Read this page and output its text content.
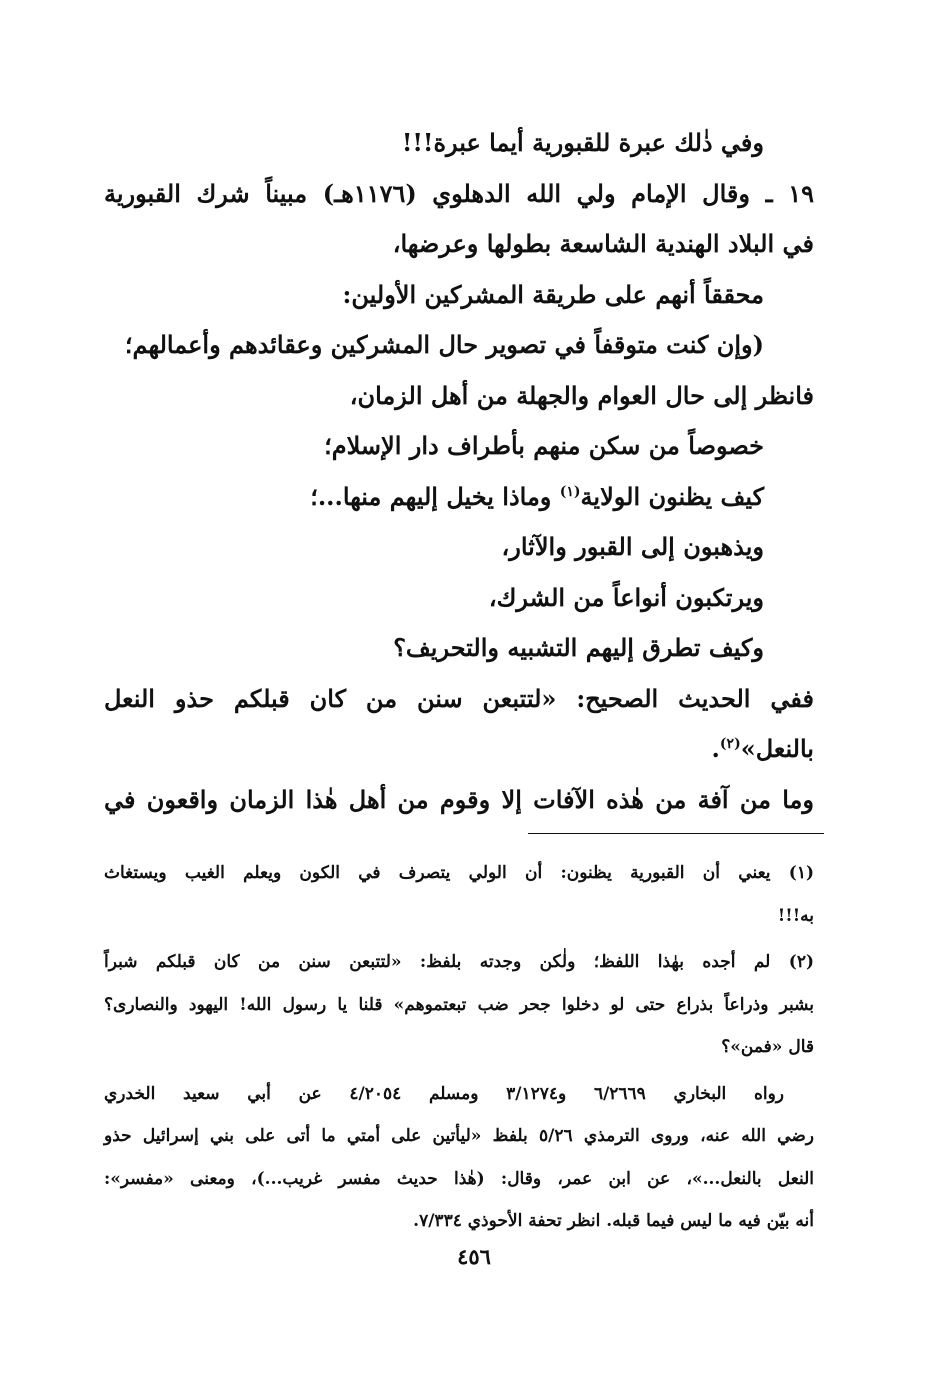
وفي ذٰلك عبرة للقبورية أيما عبرة!!!
١٩ ـ وقال الإمام ولي الله الدهلوي (١١٧٦هـ) مبيناً شرك القبورية
في البلاد الهندية الشاسعة بطولها وعرضها،
محققاً أنهم على طريقة المشركين الأولين:
(وإن كنت متوقفاً في تصوير حال المشركين وعقائدهم وأعمالهم؛
فانظر إلى حال العوام والجهلة من أهل الزمان،
خصوصاً من سكن منهم بأطراف دار الإسلام؛
كيف يظنون الولاية$^{(١)}$ وماذا يخيل إليهم منها...؛
ويذهبون إلى القبور والآثار،
ويرتكبون أنواعاً من الشرك،
وكيف تطرق إليهم التشبيه والتحريف؟
ففي الحديث الصحيح: «لتتبعن سنن من كان قبلكم حذو النعل
بالنعل»$^{(٢)}$.
وما من آفة من هٰذه الآفات إلا وقوم من أهل هٰذا الزمان واقعون في
(١) يعني أن القبورية يظنون: أن الولي يتصرف في الكون ويعلم الغيب ويستغاث
به!!!
(٢) لم أجده بهٰذا اللفظ؛ ولٰكن وجدته بلفظ: «لتتبعن سنن من كان قبلكم شبراً
بشبر وذراعاً بذراع حتى لو دخلوا جحر ضب تبعتموهم» قلنا يا رسول الله! اليهود والنصارى؟
قال «فمن»؟
رواه البخاري ٦/٢٦٦٩ و٣/١٢٧٤ ومسلم ٤/٢٠٥٤ عن أبي سعيد الخدري
رضي الله عنه، وروى الترمذي ٥/٢٦ بلفظ «ليأتين على أمتي ما أتى على بني إسرائيل حذو
النعل بالنعل...»، عن ابن عمر، وقال: (هٰذا حديث مفسر غريب...)، ومعنى «مفسر»:
أنه بيّن فيه ما ليس فيما قبله. انظر تحفة الأحوذي ٧/٣٣٤.
٤٥٦
